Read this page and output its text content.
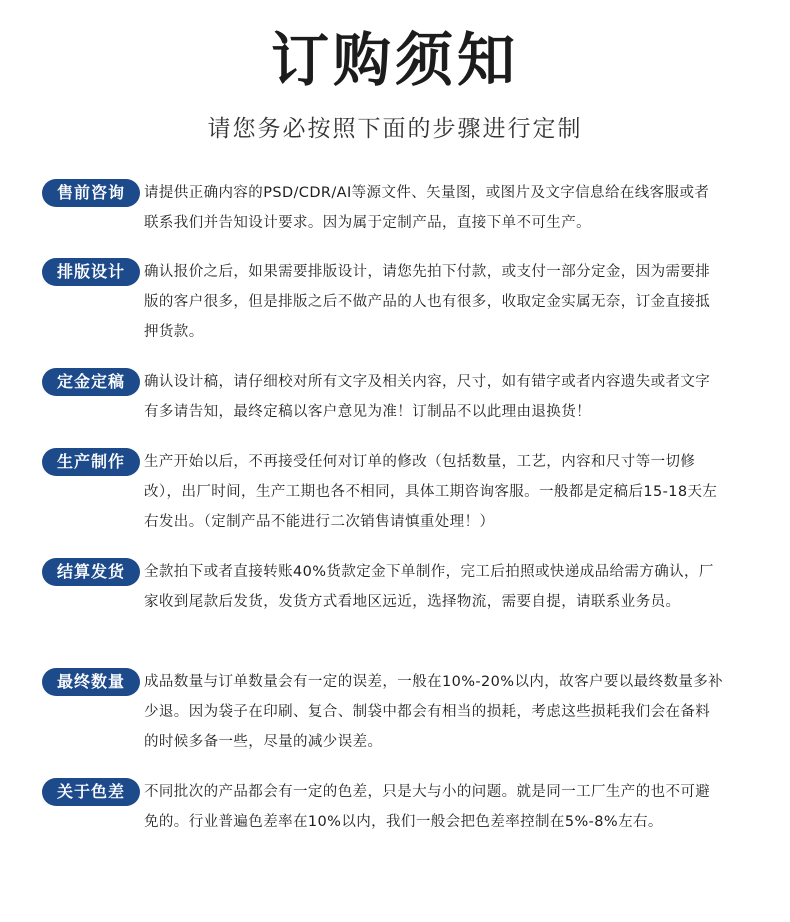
订购须知
请您务必按照下面的步骤进行定制
售前咨询	请提供正确内容的PSD/CDR/AI等源文件、矢量图，或图片及文字信息给在线客服或者联系我们并告知设计要求。因为属于定制产品，直接下单不可生产。
排版设计	确认报价之后，如果需要排版设计，请您先拍下付款，或支付一部分定金，因为需要排版的客户很多，但是排版之后不做产品的人也有很多，收取定金实属无奈，订金直接抵押货款。
定金定稿	确认设计稿，请仔细校对所有文字及相关内容，尺寸，如有错字或者内容遗失或者文字有多请告知，最终定稿以客户意见为准！订制品不以此理由退换货！
生产制作	生产开始以后，不再接受任何对订单的修改（包括数量，工艺，内容和尺寸等一切修改），出厂时间，生产工期也各不相同，具体工期咨询客服。一般都是定稿后15-18天左右发出。（定制产品不能进行二次销售请慎重处理！）
结算发货	全款拍下或者直接转账40%货款定金下单制作，完工后拍照或快递成品给需方确认，厂家收到尾款后发货，发货方式看地区远近，选择物流，需要自提，请联系业务员。
最终数量	成品数量与订单数量会有一定的误差，一般在10%-20%以内，故客户要以最终数量多补少退。因为袋子在印刷、复合、制袋中都会有相当的损耗，考虑这些损耗我们会在备料的时候多备一些，尽量的减少误差。
关于色差	不同批次的产品都会有一定的色差，只是大与小的问题。就是同一工厂生产的也不可避免的。行业普遍色差率在10%以内，我们一般会把色差率控制在5%-8%左右。
